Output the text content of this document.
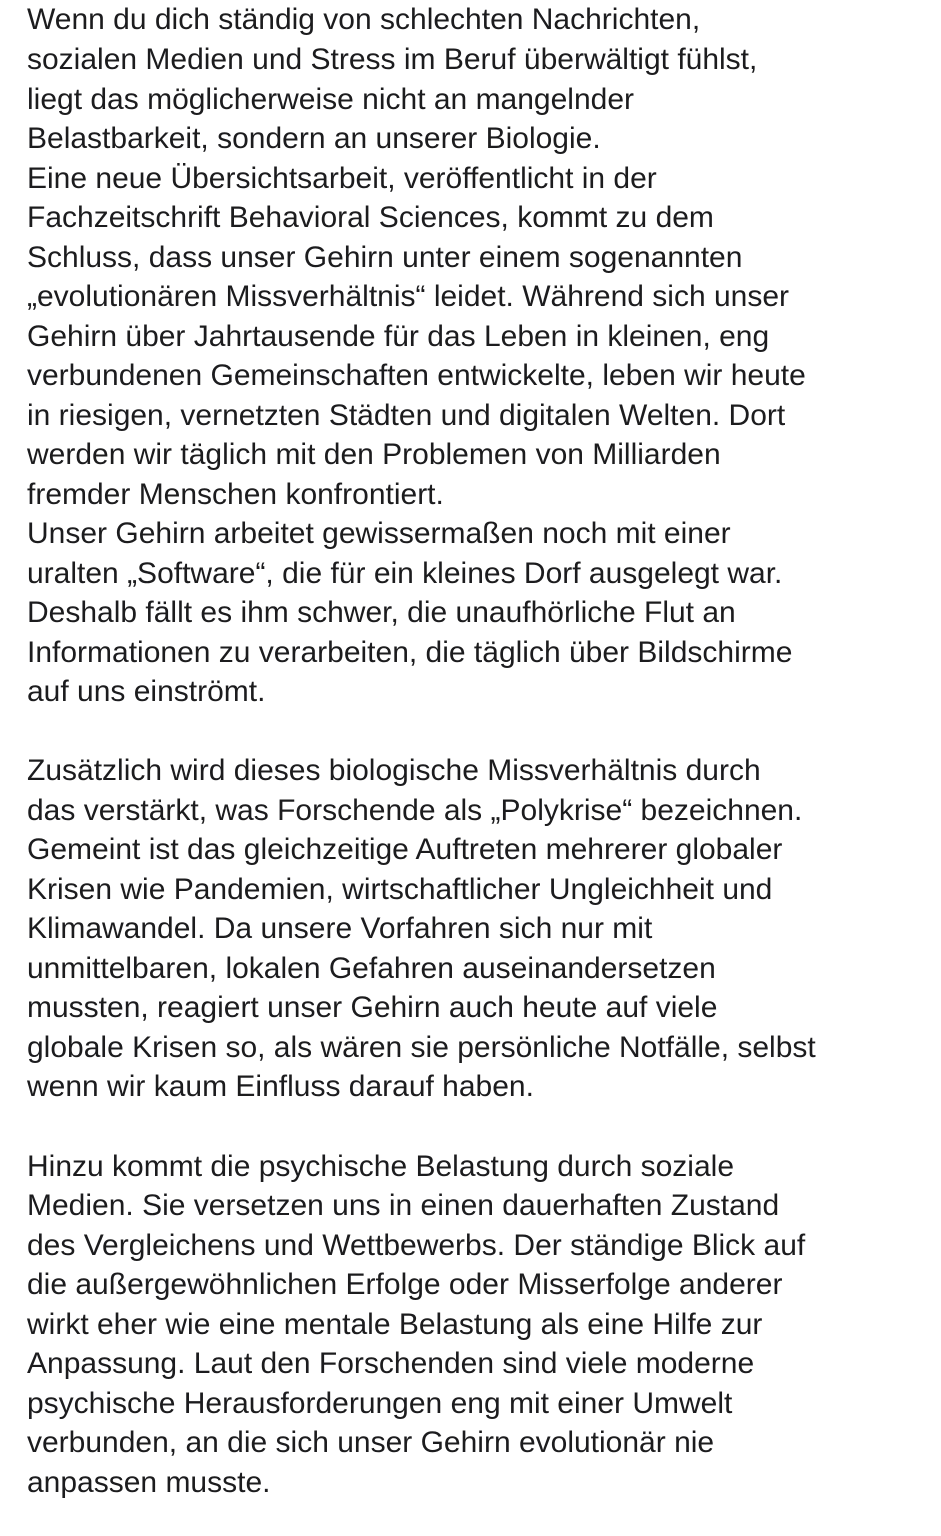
Wenn du dich ständig von schlechten Nachrichten,
sozialen Medien und Stress im Beruf überwältigt fühlst,
liegt das möglicherweise nicht an mangelnder
Belastbarkeit, sondern an unserer Biologie.
Eine neue Übersichtsarbeit, veröffentlicht in der
Fachzeitschrift Behavioral Sciences, kommt zu dem
Schluss, dass unser Gehirn unter einem sogenannten
„evolutionären Missverhältnis“ leidet. Während sich unser
Gehirn über Jahrtausende für das Leben in kleinen, eng
verbundenen Gemeinschaften entwickelte, leben wir heute
in riesigen, vernetzten Städten und digitalen Welten. Dort
werden wir täglich mit den Problemen von Milliarden
fremder Menschen konfrontiert.
Unser Gehirn arbeitet gewissermaßen noch mit einer
uralten „Software“, die für ein kleines Dorf ausgelegt war.
Deshalb fällt es ihm schwer, die unaufhörliche Flut an
Informationen zu verarbeiten, die täglich über Bildschirme
auf uns einströmt.
Zusätzlich wird dieses biologische Missverhältnis durch
das verstärkt, was Forschende als „Polykrise“ bezeichnen.
Gemeint ist das gleichzeitige Auftreten mehrerer globaler
Krisen wie Pandemien, wirtschaftlicher Ungleichheit und
Klimawandel. Da unsere Vorfahren sich nur mit
unmittelbaren, lokalen Gefahren auseinandersetzen
mussten, reagiert unser Gehirn auch heute auf viele
globale Krisen so, als wären sie persönliche Notfälle, selbst
wenn wir kaum Einfluss darauf haben.
Hinzu kommt die psychische Belastung durch soziale
Medien. Sie versetzen uns in einen dauerhaften Zustand
des Vergleichens und Wettbewerbs. Der ständige Blick auf
die außergewöhnlichen Erfolge oder Misserfolge anderer
wirkt eher wie eine mentale Belastung als eine Hilfe zur
Anpassung. Laut den Forschenden sind viele moderne
psychische Herausforderungen eng mit einer Umwelt
verbunden, an die sich unser Gehirn evolutionär nie
anpassen musste.
